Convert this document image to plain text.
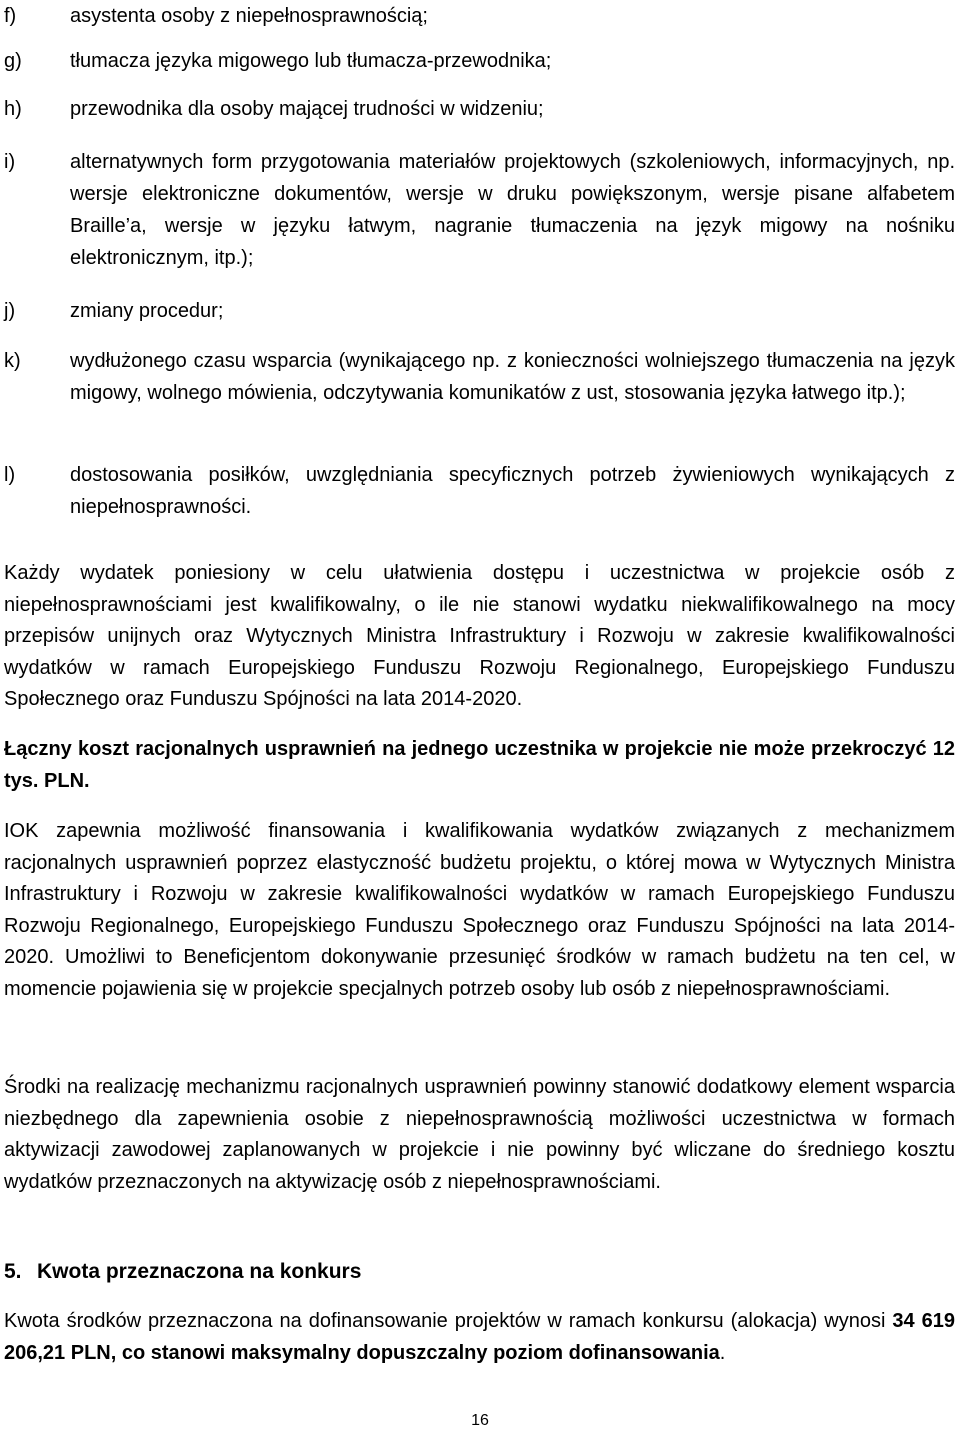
f)	asystenta osoby z niepełnosprawnością;
g) tłumacza języka migowego lub tłumacza-przewodnika;
h) przewodnika dla osoby mającej trudności w widzeniu;
i)	alternatywnych form przygotowania materiałów projektowych (szkoleniowych, informacyjnych, np. wersje elektroniczne dokumentów, wersje w druku powiększonym, wersje pisane alfabetem Braille’a, wersje w języku łatwym, nagranie tłumaczenia na język migowy na nośniku elektronicznym, itp.);
j)	zmiany procedur;
k) wydłużonego czasu wsparcia (wynikającego np. z konieczności wolniejszego tłumaczenia na język migowy, wolnego mówienia, odczytywania komunikatów z ust, stosowania języka łatwego itp.);
l)	dostosowania posiłków, uwzględniania specyficznych potrzeb żywieniowych wynikających z niepełnosprawności.
Każdy wydatek poniesiony w celu ułatwienia dostępu i uczestnictwa w projekcie osób z niepełnosprawnościami jest kwalifikowalny, o ile nie stanowi wydatku niekwalifikowalnego na mocy przepisów unijnych oraz Wytycznych Ministra Infrastruktury i Rozwoju w zakresie kwalifikowalności wydatków w ramach Europejskiego Funduszu Rozwoju Regionalnego, Europejskiego Funduszu Społecznego oraz Funduszu Spójności na lata 2014-2020.
Łączny koszt racjonalnych usprawnień na jednego uczestnika w projekcie nie może przekroczyć 12 tys. PLN.
IOK zapewnia możliwość finansowania i kwalifikowania wydatków związanych z mechanizmem racjonalnych usprawnień poprzez elastyczność budżetu projektu, o której mowa w Wytycznych Ministra Infrastruktury i Rozwoju w zakresie kwalifikowalności wydatków w ramach Europejskiego Funduszu Rozwoju Regionalnego, Europejskiego Funduszu Społecznego oraz Funduszu Spójności na lata 2014-2020. Umożliwi to Beneficjentom dokonywanie przesunięć środków w ramach budżetu na ten cel, w momencie pojawienia się w projekcie specjalnych potrzeb osoby lub osób z niepełnosprawnościami.
Środki na realizację mechanizmu racjonalnych usprawnień powinny stanowić dodatkowy element wsparcia niezbędnego dla zapewnienia osobie z niepełnosprawnością możliwości uczestnictwa w formach aktywizacji zawodowej zaplanowanych w projekcie i nie powinny być wliczane do średniego kosztu wydatków przeznaczonych na aktywizację osób z niepełnosprawnościami.
5. Kwota przeznaczona na konkurs
Kwota środków przeznaczona na dofinansowanie projektów w ramach konkursu (alokacja) wynosi 34 619 206,21 PLN, co stanowi maksymalny dopuszczalny poziom dofinansowania.
16
